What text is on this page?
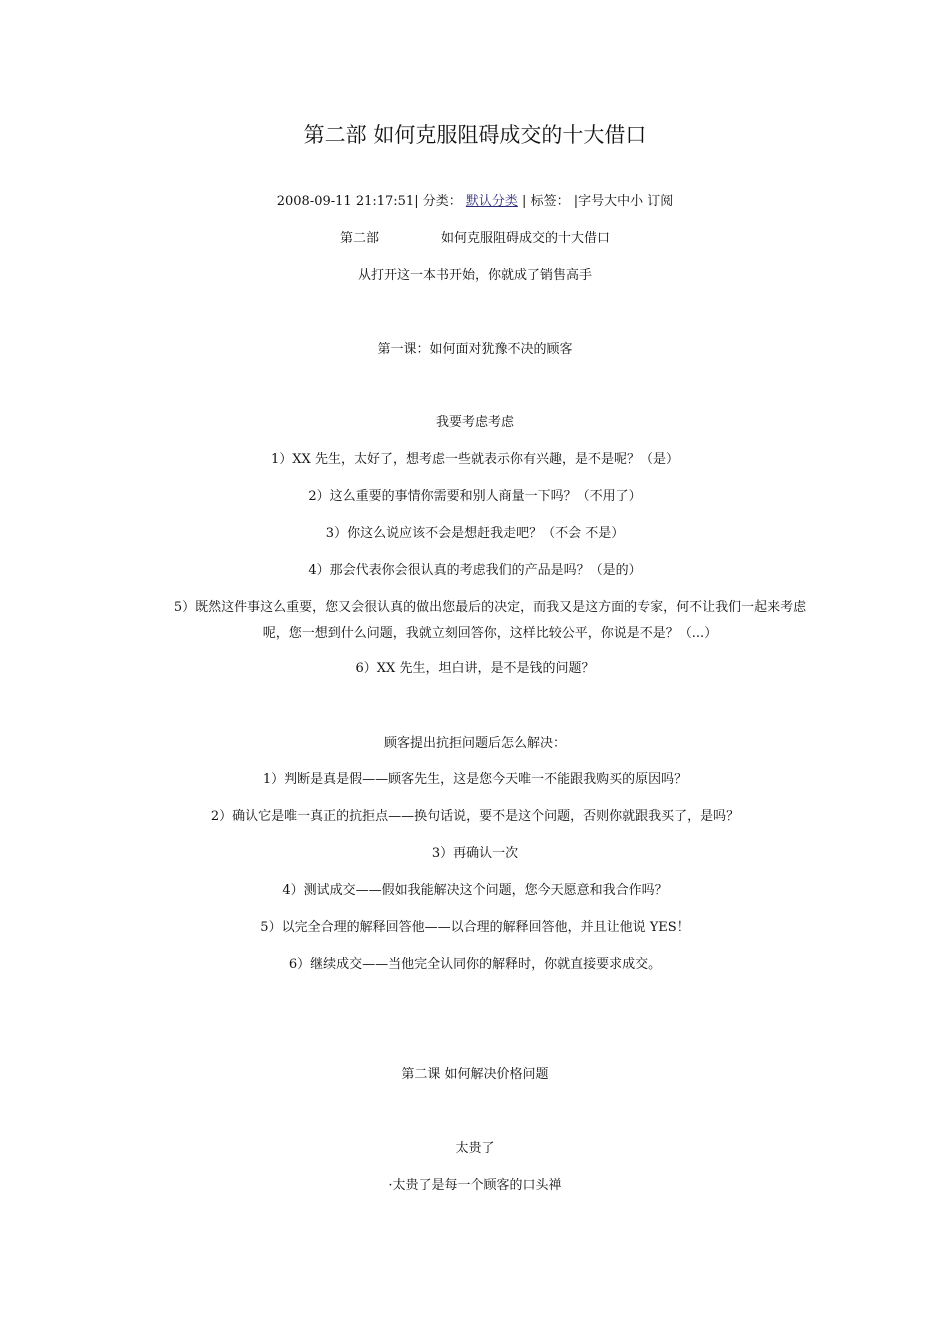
第二部 如何克服阻碍成交的十大借口
2008-09-11 21:17:51| 分类： 默认分类 | 标签： |字号大中小 订阅
第二部	如何克服阻碍成交的十大借口
从打开这一本书开始，你就成了销售高手
第一课：如何面对犹豫不决的顾客
我要考虑考虑
1）XX 先生，太好了，想考虑一些就表示你有兴趣，是不是呢？（是）
2）这么重要的事情你需要和别人商量一下吗？（不用了）
3）你这么说应该不会是想赶我走吧？（不会 不是）
4）那会代表你会很认真的考虑我们的产品是吗？（是的）
5）既然这件事这么重要，您又会很认真的做出您最后的决定，而我又是这方面的专家，何不让我们一起来考虑呢，您一想到什么问题，我就立刻回答你，这样比较公平，你说是不是？（...）
6）XX 先生，坦白讲，是不是钱的问题？
顾客提出抗拒问题后怎么解决：
1）判断是真是假——顾客先生，这是您今天唯一不能跟我购买的原因吗？
2）确认它是唯一真正的抗拒点——换句话说，要不是这个问题，否则你就跟我买了，是吗？
3）再确认一次
4）测试成交——假如我能解决这个问题，您今天愿意和我合作吗？
5）以完全合理的解释回答他——以合理的解释回答他，并且让他说 YES！
6）继续成交——当他完全认同你的解释时，你就直接要求成交。
第二课 如何解决价格问题
太贵了
·太贵了是每一个顾客的口头禅
